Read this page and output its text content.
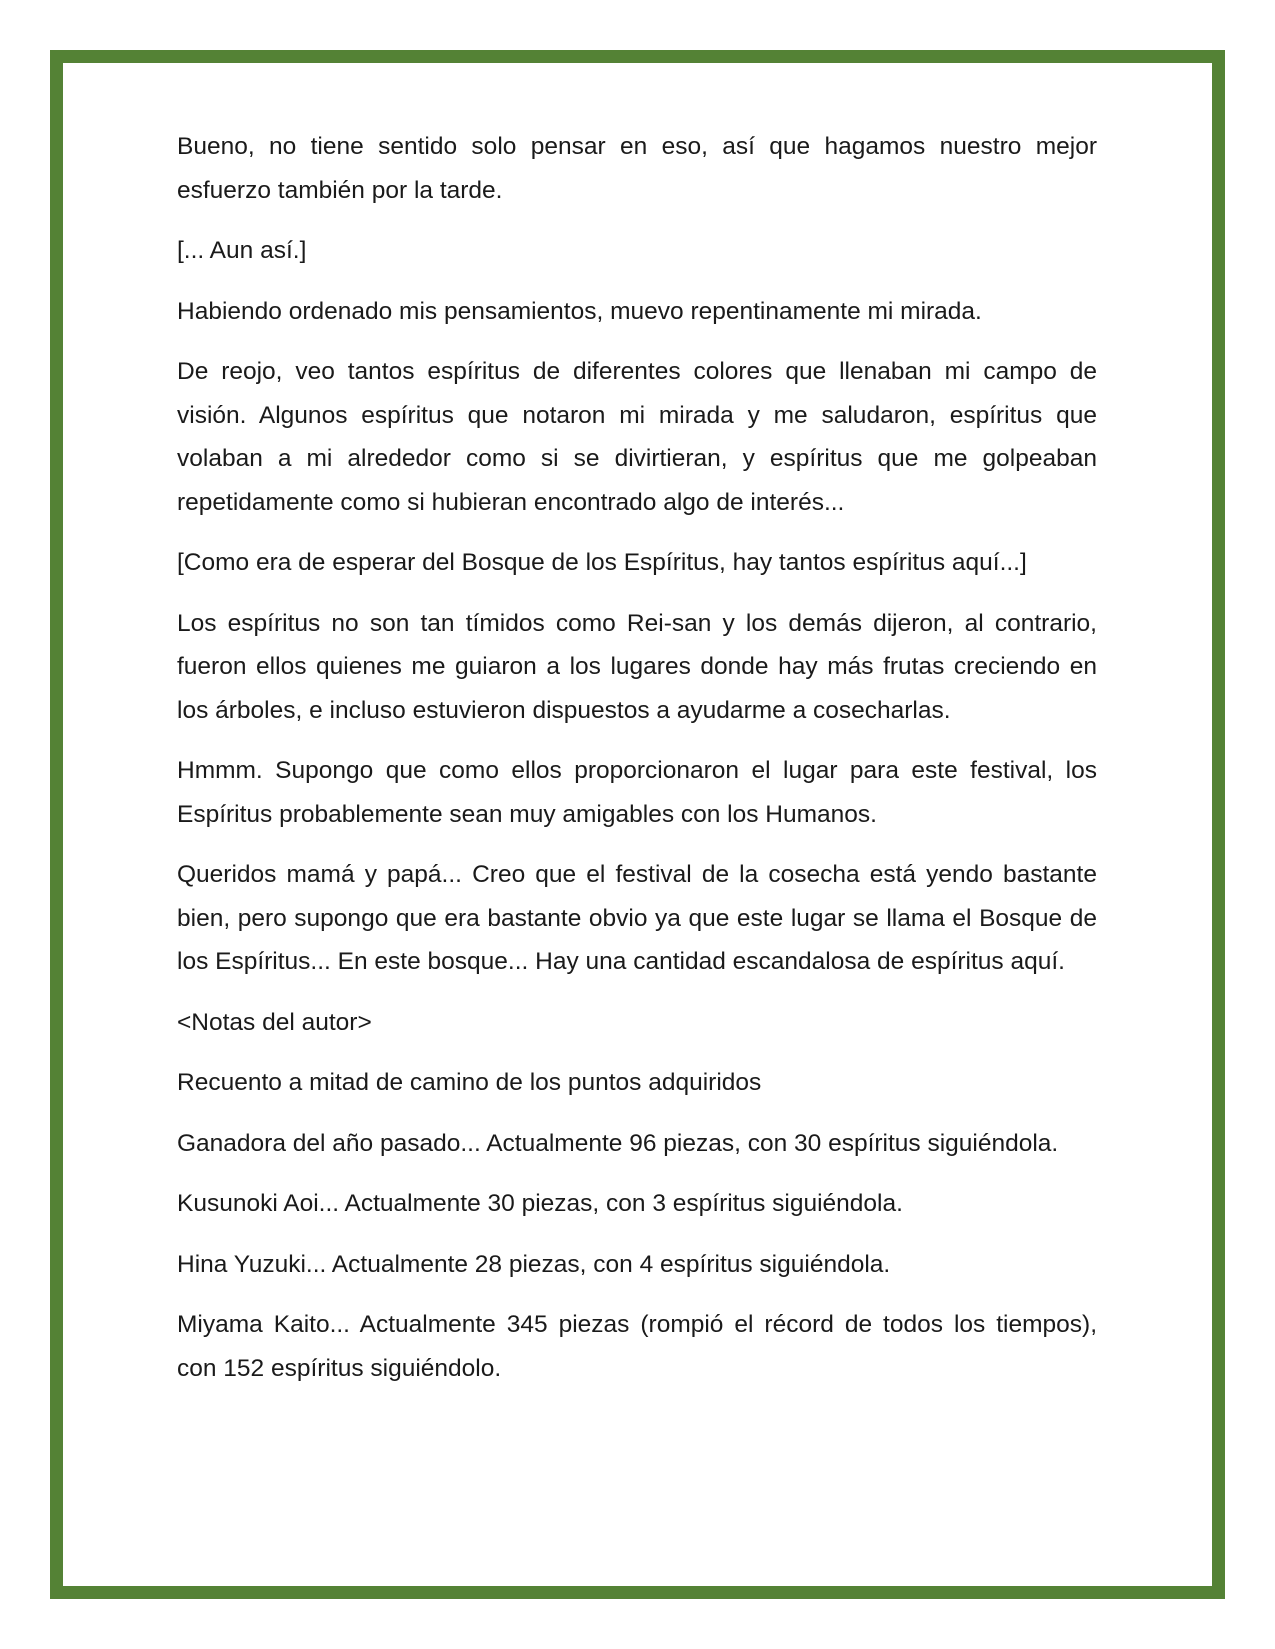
Bueno, no tiene sentido solo pensar en eso, así que hagamos nuestro mejor esfuerzo también por la tarde.

[... Aun así.]

Habiendo ordenado mis pensamientos, muevo repentinamente mi mirada.

De reojo, veo tantos espíritus de diferentes colores que llenaban mi campo de visión. Algunos espíritus que notaron mi mirada y me saludaron, espíritus que volaban a mi alrededor como si se divirtieran, y espíritus que me golpeaban repetidamente como si hubieran encontrado algo de interés...

[Como era de esperar del Bosque de los Espíritus, hay tantos espíritus aquí...]

Los espíritus no son tan tímidos como Rei-san y los demás dijeron, al contrario, fueron ellos quienes me guiaron a los lugares donde hay más frutas creciendo en los árboles, e incluso estuvieron dispuestos a ayudarme a cosecharlas.

Hmmm. Supongo que como ellos proporcionaron el lugar para este festival, los Espíritus probablemente sean muy amigables con los Humanos.

Queridos mamá y papá... Creo que el festival de la cosecha está yendo bastante bien, pero supongo que era bastante obvio ya que este lugar se llama el Bosque de los Espíritus... En este bosque... Hay una cantidad escandalosa de espíritus aquí.

<Notas del autor>

Recuento a mitad de camino de los puntos adquiridos

Ganadora del año pasado... Actualmente 96 piezas, con 30 espíritus siguiéndola.

Kusunoki Aoi... Actualmente 30 piezas, con 3 espíritus siguiéndola.

Hina Yuzuki... Actualmente 28 piezas, con 4 espíritus siguiéndola.

Miyama Kaito... Actualmente 345 piezas (rompió el récord de todos los tiempos), con 152 espíritus siguiéndolo.
